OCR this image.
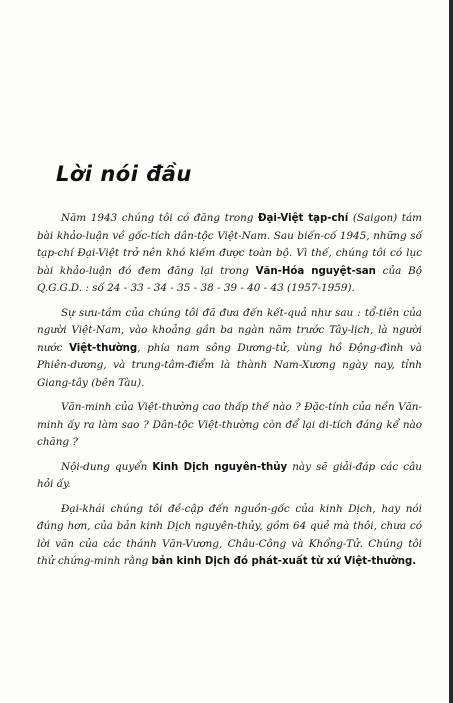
Lời nói đầu

Năm 1943 chúng tôi có đăng trong Đại-Việt tạp-chí (Saigon) tám bài khảo-luận về gốc-tích dân-tộc Việt-Nam. Sau biến-cố 1945, những số tạp-chí Đại-Việt trở nên khó kiếm được toàn bộ. Vì thế, chúng tôi có lục bài khảo-luận đó đem đăng lại trong Văn-Hóa nguyệt-san của Bộ Q.G.G.D. : số 24 - 33 - 34 - 35 - 38 - 39 - 40 - 43 (1957-1959).

Sự sưu-tầm của chúng tôi đã đưa đến kết-quả như sau : tổ-tiên của người Việt-Nam, vào khoảng gần ba ngàn năm trước Tây-lịch, là người nước Việt-thường, phía nam sông Dương-tử, vùng hồ Động-đình và Phiên-dương, và trung-tâm-điểm là thành Nam-Xương ngày nay, tỉnh Giang-tây (bên Tàu).

Văn-minh của Việt-thường cao thấp thế nào ? Đặc-tính của nền Văn-minh ấy ra làm sao ? Dân-tộc Việt-thường còn để lại di-tích đáng kể nào chăng ?

Nội-dung quyển Kinh Dịch nguyên-thủy này sẽ giải-đáp các câu hỏi ấy.

Đại-khái chúng tôi đề-cập đến nguồn-gốc của kinh Dịch, hay nói đúng hơn, của bản kinh Dịch nguyên-thủy, gồm 64 quẻ mà thôi, chưa có lời văn của các thánh Văn-Vương, Châu-Công và Khổng-Tử. Chúng tôi thử chứng-minh rằng bản kinh Dịch đó phát-xuất từ xứ Việt-thường.
